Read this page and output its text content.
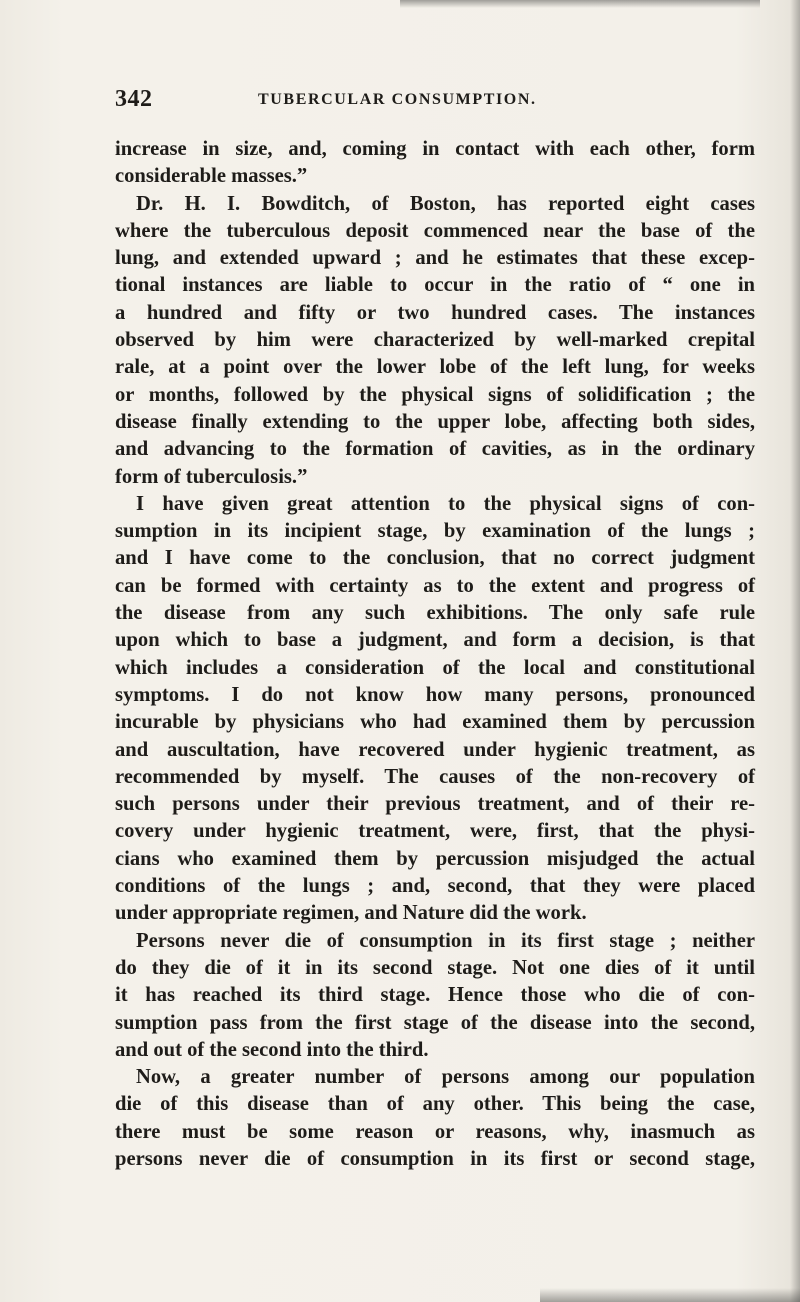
342	TUBERCULAR CONSUMPTION.
increase in size, and, coming in contact with each other, form
considerable masses.”
Dr. H. I. Bowditch, of Boston, has reported eight cases
where the tuberculous deposit commenced near the base of the
lung, and extended upward ; and he estimates that these excep-
tional instances are liable to occur in the ratio of “ one in
a hundred and fifty or two hundred cases. The instances
observed by him were characterized by well-marked crepital
rale, at a point over the lower lobe of the left lung, for weeks
or months, followed by the physical signs of solidification ; the
disease finally extending to the upper lobe, affecting both sides,
and advancing to the formation of cavities, as in the ordinary
form of tuberculosis.”
I have given great attention to the physical signs of con-
sumption in its incipient stage, by examination of the lungs ;
and I have come to the conclusion, that no correct judgment
can be formed with certainty as to the extent and progress of
the disease from any such exhibitions. The only safe rule
upon which to base a judgment, and form a decision, is that
which includes a consideration of the local and constitutional
symptoms. I do not know how many persons, pronounced
incurable by physicians who had examined them by percussion
and auscultation, have recovered under hygienic treatment, as
recommended by myself. The causes of the non-recovery of
such persons under their previous treatment, and of their re-
covery under hygienic treatment, were, first, that the physi-
cians who examined them by percussion misjudged the actual
conditions of the lungs ; and, second, that they were placed
under appropriate regimen, and Nature did the work.
Persons never die of consumption in its first stage ; neither
do they die of it in its second stage. Not one dies of it until
it has reached its third stage. Hence those who die of con-
sumption pass from the first stage of the disease into the second,
and out of the second into the third.
Now, a greater number of persons among our population
die of this disease than of any other. This being the case,
there must be some reason or reasons, why, inasmuch as
persons never die of consumption in its first or second stage,
